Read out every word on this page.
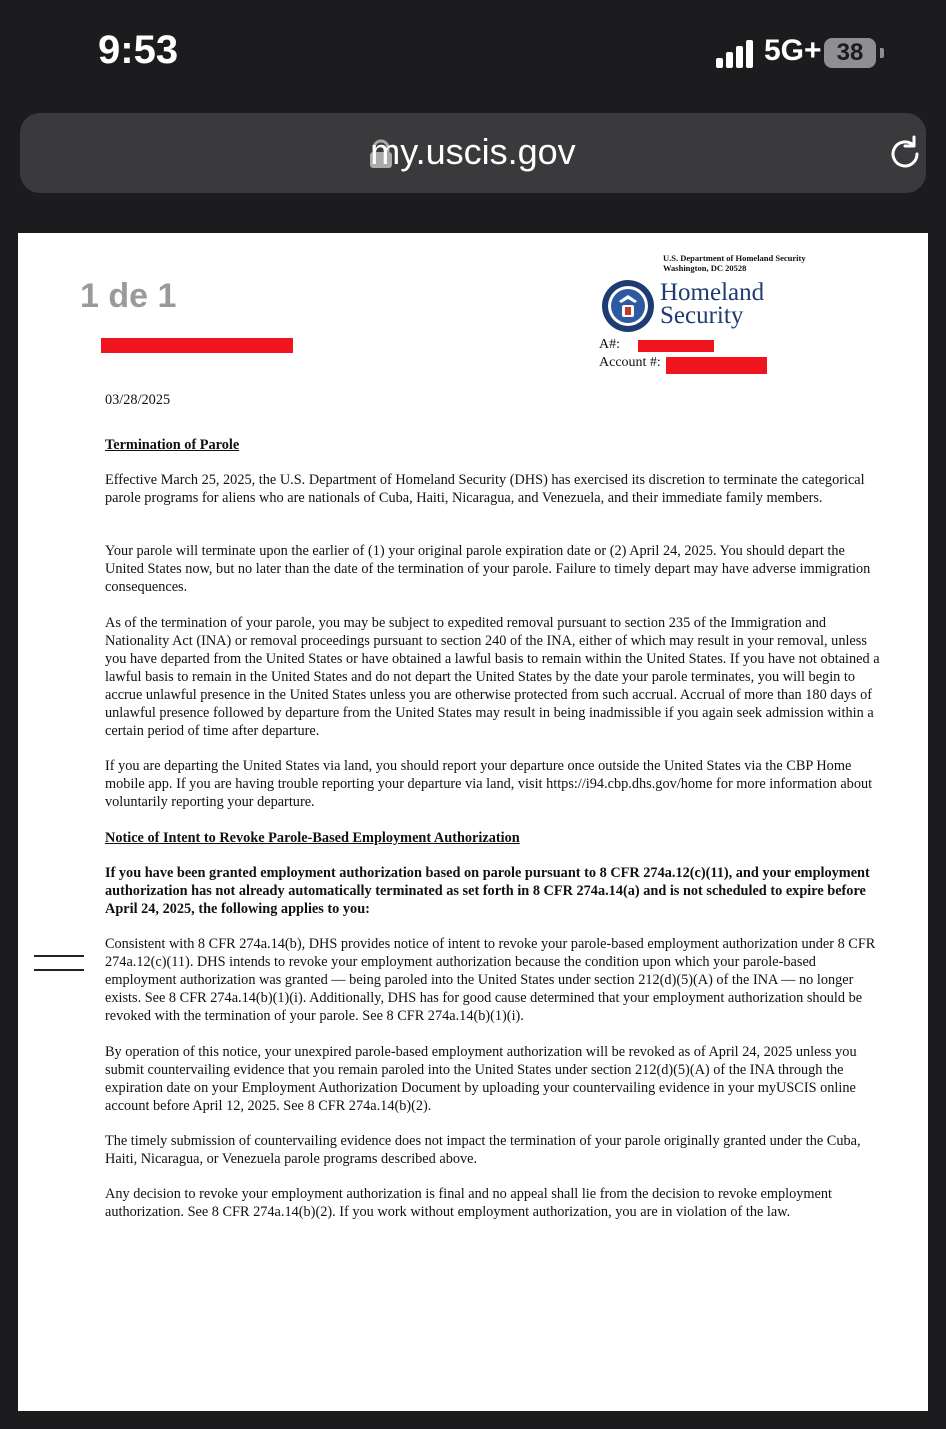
9:53	5G+ 38
my.uscis.gov
1 de 1
U.S. Department of Homeland Security
Washington, DC 20528
Homeland
Security
A#:
Account #:

03/28/2025

Termination of Parole

Effective March 25, 2025, the U.S. Department of Homeland Security (DHS) has exercised its discretion to terminate the categorical parole programs for aliens who are nationals of Cuba, Haiti, Nicaragua, and Venezuela, and their immediate family members.

Your parole will terminate upon the earlier of (1) your original parole expiration date or (2) April 24, 2025. You should depart the United States now, but no later than the date of the termination of your parole. Failure to timely depart may have adverse immigration consequences.

As of the termination of your parole, you may be subject to expedited removal pursuant to section 235 of the Immigration and Nationality Act (INA) or removal proceedings pursuant to section 240 of the INA, either of which may result in your removal, unless you have departed from the United States or have obtained a lawful basis to remain within the United States. If you have not obtained a lawful basis to remain in the United States and do not depart the United States by the date your parole terminates, you will begin to accrue unlawful presence in the United States unless you are otherwise protected from such accrual. Accrual of more than 180 days of unlawful presence followed by departure from the United States may result in being inadmissible if you again seek admission within a certain period of time after departure.

If you are departing the United States via land, you should report your departure once outside the United States via the CBP Home mobile app. If you are having trouble reporting your departure via land, visit https://i94.cbp.dhs.gov/home for more information about voluntarily reporting your departure.

Notice of Intent to Revoke Parole-Based Employment Authorization

If you have been granted employment authorization based on parole pursuant to 8 CFR 274a.12(c)(11), and your employment authorization has not already automatically terminated as set forth in 8 CFR 274a.14(a) and is not scheduled to expire before April 24, 2025, the following applies to you:

Consistent with 8 CFR 274a.14(b), DHS provides notice of intent to revoke your parole-based employment authorization under 8 CFR 274a.12(c)(11). DHS intends to revoke your employment authorization because the condition upon which your parole-based employment authorization was granted — being paroled into the United States under section 212(d)(5)(A) of the INA — no longer exists. See 8 CFR 274a.14(b)(1)(i). Additionally, DHS has for good cause determined that your employment authorization should be revoked with the termination of your parole. See 8 CFR 274a.14(b)(1)(i).

By operation of this notice, your unexpired parole-based employment authorization will be revoked as of April 24, 2025 unless you submit countervailing evidence that you remain paroled into the United States under section 212(d)(5)(A) of the INA through the expiration date on your Employment Authorization Document by uploading your countervailing evidence in your myUSCIS online account before April 12, 2025. See 8 CFR 274a.14(b)(2).

The timely submission of countervailing evidence does not impact the termination of your parole originally granted under the Cuba, Haiti, Nicaragua, or Venezuela parole programs described above.

Any decision to revoke your employment authorization is final and no appeal shall lie from the decision to revoke employment authorization. See 8 CFR 274a.14(b)(2). If you work without employment authorization, you are in violation of the law.
